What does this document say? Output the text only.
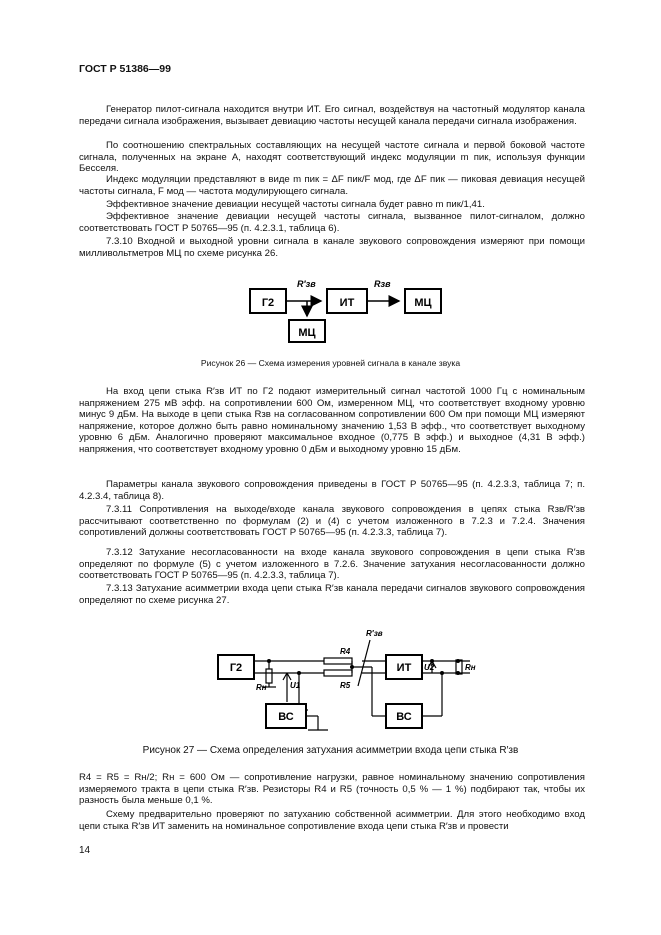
ГОСТ Р 51386—99

Генератор пилот-сигнала находится внутри ИТ. Его сигнал, воздействуя на частотный модулятор канала передачи сигнала изображения, вызывает девиацию частоты несущей канала передачи сигнала изображения.

По соотношению спектральных составляющих на несущей частоте сигнала и первой боковой частоте сигнала, полученных на экране А, находят соответствующий индекс модуляции m пик, используя функции Бесселя.

Индекс модуляции представляют в виде m пик = ΔF пик/F мод, где ΔF пик — пиковая девиация несущей частоты сигнала, F мод — частота модулирующего сигнала.

Эффективное значение девиации несущей частоты сигнала будет равно m пик/1,41.

Эффективное значение девиации несущей частоты сигнала, вызванное пилот-сигналом, должно соответствовать ГОСТ Р 50765—95 (п. 4.2.3.1, таблица 6).

7.3.10 Входной и выходной уровни сигнала в канале звукового сопровождения измеряют при помощи милливольтметров МЦ по схеме рисунка 26.

Г2	ИТ	МЦ
МЦ
R′зв	Rзв
Рисунок 26 — Схема измерения уровней сигнала в канале звука

На вход цепи стыка R′зв ИТ по Г2 подают измерительный сигнал частотой 1000 Гц с номинальным напряжением 275 мВ эфф. на сопротивлении 600 Ом, измеренном МЦ, что соответствует входному уровню минус 9 дБм. На выходе в цепи стыка Rзв на согласованном сопротивлении 600 Ом при помощи МЦ измеряют напряжение, которое должно быть равно номинальному значению 1,53 В эфф., что соответствует выходному уровню 6 дБм. Аналогично проверяют максимальное входное (0,775 В эфф.) и выходное (4,31 В эфф.) напряжения, что соответствует входному уровню 0 дБм и выходному уровню 15 дБм.

Параметры канала звукового сопровождения приведены в ГОСТ Р 50765—95 (п. 4.2.3.3, таблица 7; п. 4.2.3.4, таблица 8).

7.3.11 Сопротивления на выходе/входе канала звукового сопровождения в цепях стыка Rзв/R′зв рассчитывают соответственно по формулам (2) и (4) с учетом изложенного в 7.2.3 и 7.2.4. Значения сопротивлений должны соответствовать ГОСТ Р 50765—95 (п. 4.2.3.3, таблица 7).

7.3.12 Затухание несогласованности на входе канала звукового сопровождения в цепи стыка R′зв определяют по формуле (5) с учетом изложенного в 7.2.6. Значение затухания несогласованности должно соответствовать ГОСТ Р 50765—95 (п. 4.2.3.3, таблица 7).

7.3.13 Затухание асимметрии входа цепи стыка R′зв канала передачи сигналов звукового сопровождения определяют по схеме рисунка 27.

Г2	ИТ
ВС	ВС
R4
R5
Rн
Rн
U1
U2
R′зв
Рисунок 27 — Схема определения затухания асимметрии входа цепи стыка R′зв

R4 = R5 = Rн/2; Rн = 600 Ом — сопротивление нагрузки, равное номинальному значению сопротивления измеряемого тракта в цепи стыка R′зв. Резисторы R4 и R5 (точность 0,5 % — 1 %) подбирают так, чтобы их разность была меньше 0,1 %.

Схему предварительно проверяют по затуханию собственной асимметрии. Для этого необходимо вход цепи стыка R′зв ИТ заменить на номинальное сопротивление входа цепи стыка R′зв и провести

14
